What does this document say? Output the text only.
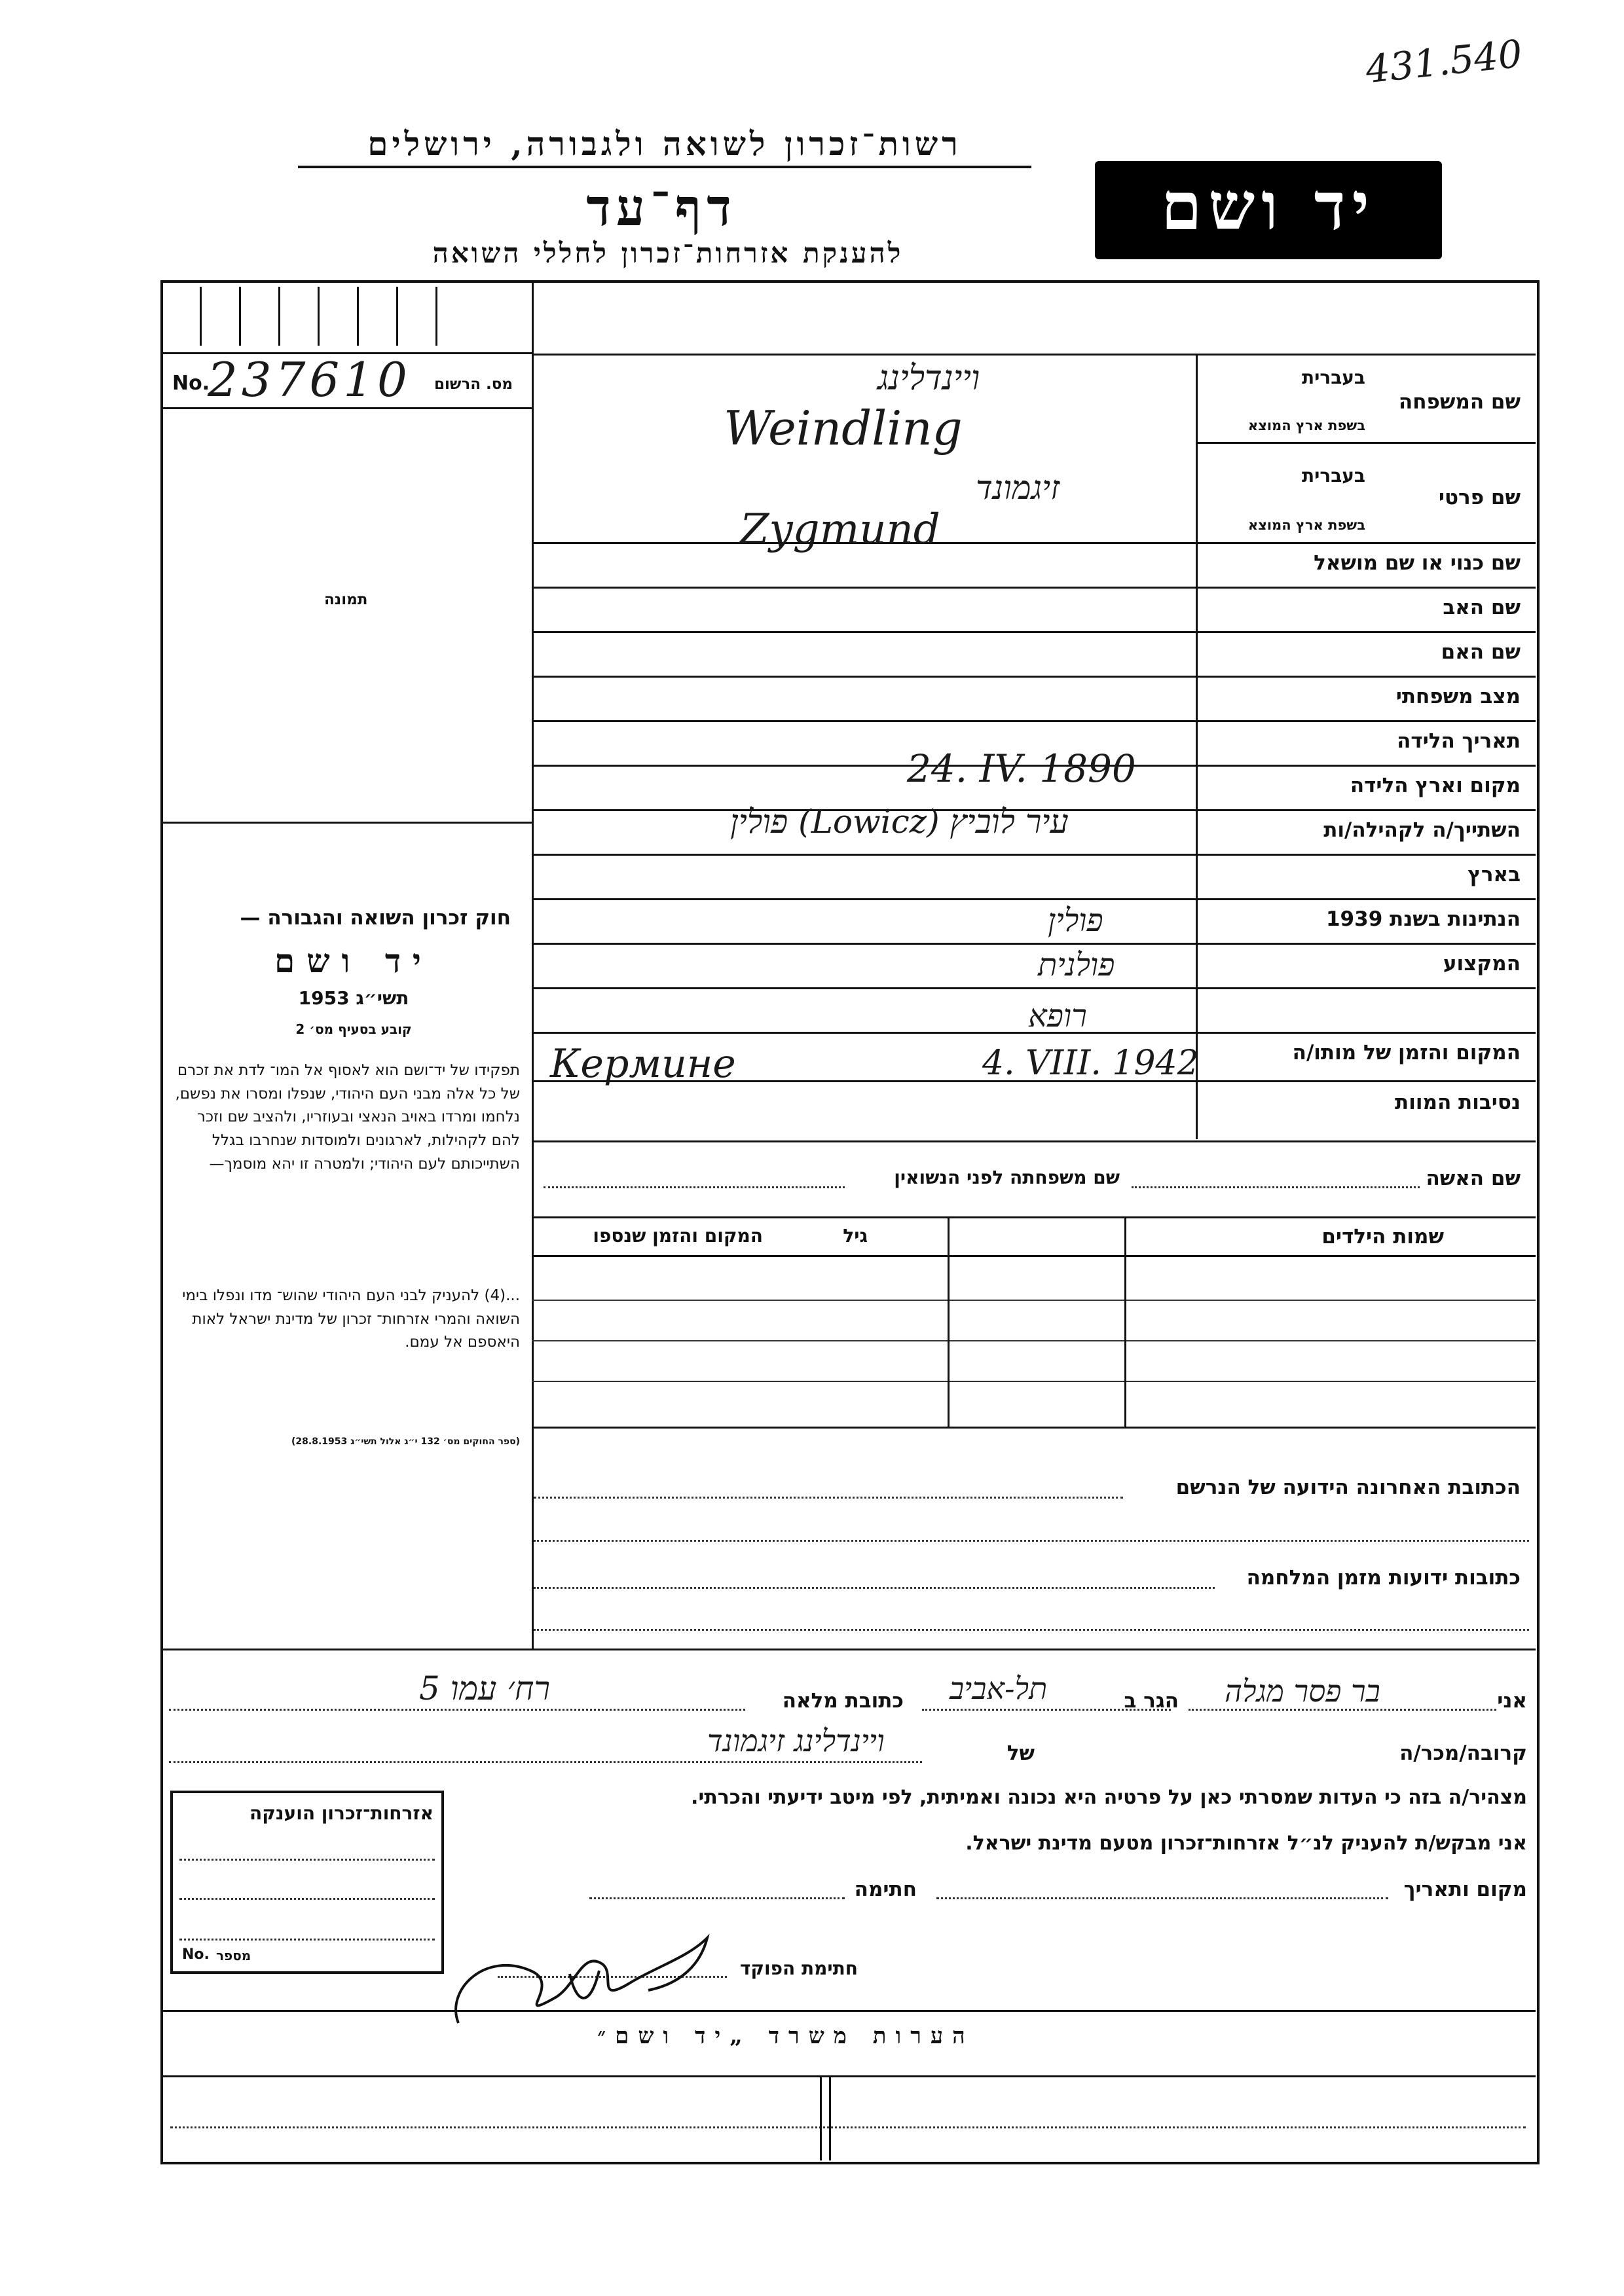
431.540
רשות־זכרון לשואה ולגבורה, ירושלים
דף־עד
להענקת אזרחות־זכרון לחללי השואה
יד ושם
No.
237610 מס. הרשום
תמונה
חוק זכרון השואה והגבורה —
יד ושם
תשי״ג 1953
קובע בסעיף מס׳ 2
תפקידו של יד־ושם הוא לאסוף אל המו־ לדת את זכרם של כל אלה מבני העם היהודי, שנפלו ומסרו את נפשם, נלחמו ומרדו באויב הנאצי ובעוזריו, ולהציב שם וזכר להם לקהילות, לארגונים ולמוסדות שנחרבו בגלל השתייכותם לעם היהודי; ולמטרה זו יהא מוסמך—
...(4) להעניק לבני העם היהודי שהוש־ מדו ונפלו בימי השואה והמרי אזרחות־ זכרון של מדינת ישראל לאות היאספם אל עמם.
(ספר החוקים מס׳ 132 י״ג אלול תשי״ג 28.8.1953)
בעברית
שם המשפחה
בשפת ארץ המוצא
ויינדלינג
Weindling
בעברית
שם פרטי
בשפת ארץ המוצא
זיגמונד
Zygmund
שם כנוי או שם מושאל
שם האב
שם האם
מצב משפחתי
תאריך הלידה
מקום וארץ הלידה
השתייך/ה לקהילה/ות
בארץ
הנתינות בשנת 1939
המקצוע
המקום והזמן של מותו/ה
נסיבות המוות
24. IV. 1890
עיר לוביץ (Lowicz) פולין
פולין
פולנית
רופא
Кермине	4. VIII. 1942
שם האשה
שם משפחתה לפני הנשואין
שמות הילדים
גיל
המקום והזמן שנספו
הכתובת האחרונה הידועה של הנרשם
כתובות ידועות מזמן המלחמה
אני
בר פסר מגלה
הגר ב
תל-אביב
כתובת מלאה
רח׳ עמו 5
קרובה/מכר/ה
של
ויינדלינג זיגמונד
מצהיר/ה בזה כי העדות שמסרתי כאן על פרטיה היא נכונה ואמיתית, לפי מיטב ידיעתי והכרתי.
אני מבקש/ת להעניק לנ״ל אזרחות־זכרון מטעם מדינת ישראל.
מקום ותאריך
חתימה
חתימת הפוקד
אזרחות־זכרון הוענקה
No. מספר
הערות משרד „יד ושם״
